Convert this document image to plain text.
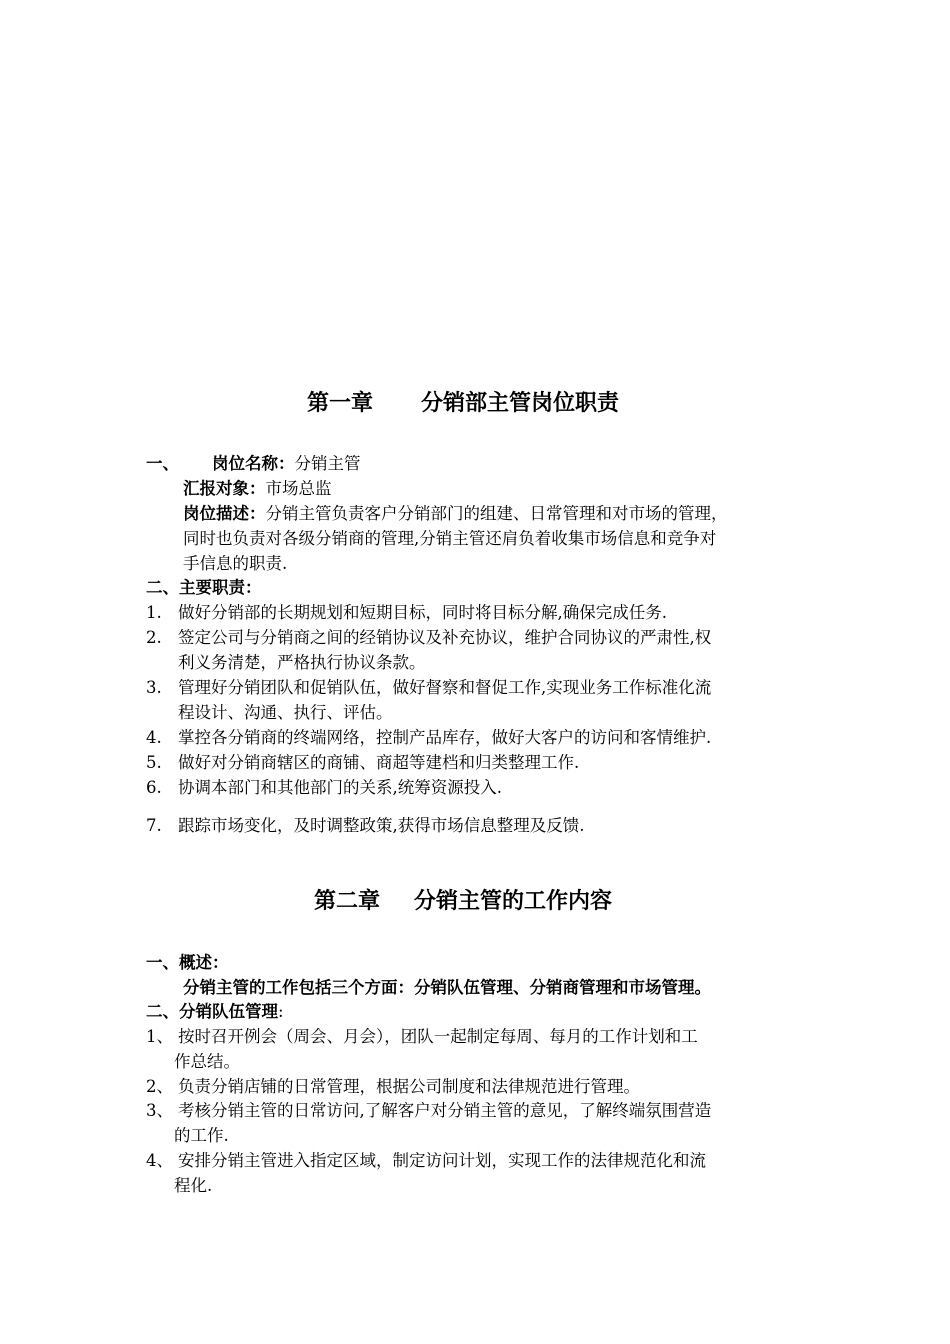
第一章 分销部主管岗位职责
一、 岗位名称：分销主管
汇报对象：市场总监
岗位描述：分销主管负责客户分销部门的组建、日常管理和对市场的管理，
同时也负责对各级分销商的管理,分销主管还肩负着收集市场信息和竞争对
手信息的职责.
二、主要职责：
1. 做好分销部的长期规划和短期目标，同时将目标分解,确保完成任务.
2. 签定公司与分销商之间的经销协议及补充协议，维护合同协议的严肃性,权
利义务清楚，严格执行协议条款。
3. 管理好分销团队和促销队伍，做好督察和督促工作,实现业务工作标准化流
程设计、沟通、执行、评估。
4. 掌控各分销商的终端网络，控制产品库存，做好大客户的访问和客情维护.
5. 做好对分销商辖区的商铺、商超等建档和归类整理工作.
6. 协调本部门和其他部门的关系,统筹资源投入.
7. 跟踪市场变化，及时调整政策,获得市场信息整理及反馈.
第二章 分销主管的工作内容
一、概述：
分销主管的工作包括三个方面：分销队伍管理、分销商管理和市场管理。
二、分销队伍管理:
1、 按时召开例会（周会、月会），团队一起制定每周、每月的工作计划和工
作总结。
2、 负责分销店铺的日常管理，根据公司制度和法律规范进行管理。
3、 考核分销主管的日常访问,了解客户对分销主管的意见，了解终端氛围营造
的工作.
4、 安排分销主管进入指定区域，制定访问计划，实现工作的法律规范化和流
程化.
